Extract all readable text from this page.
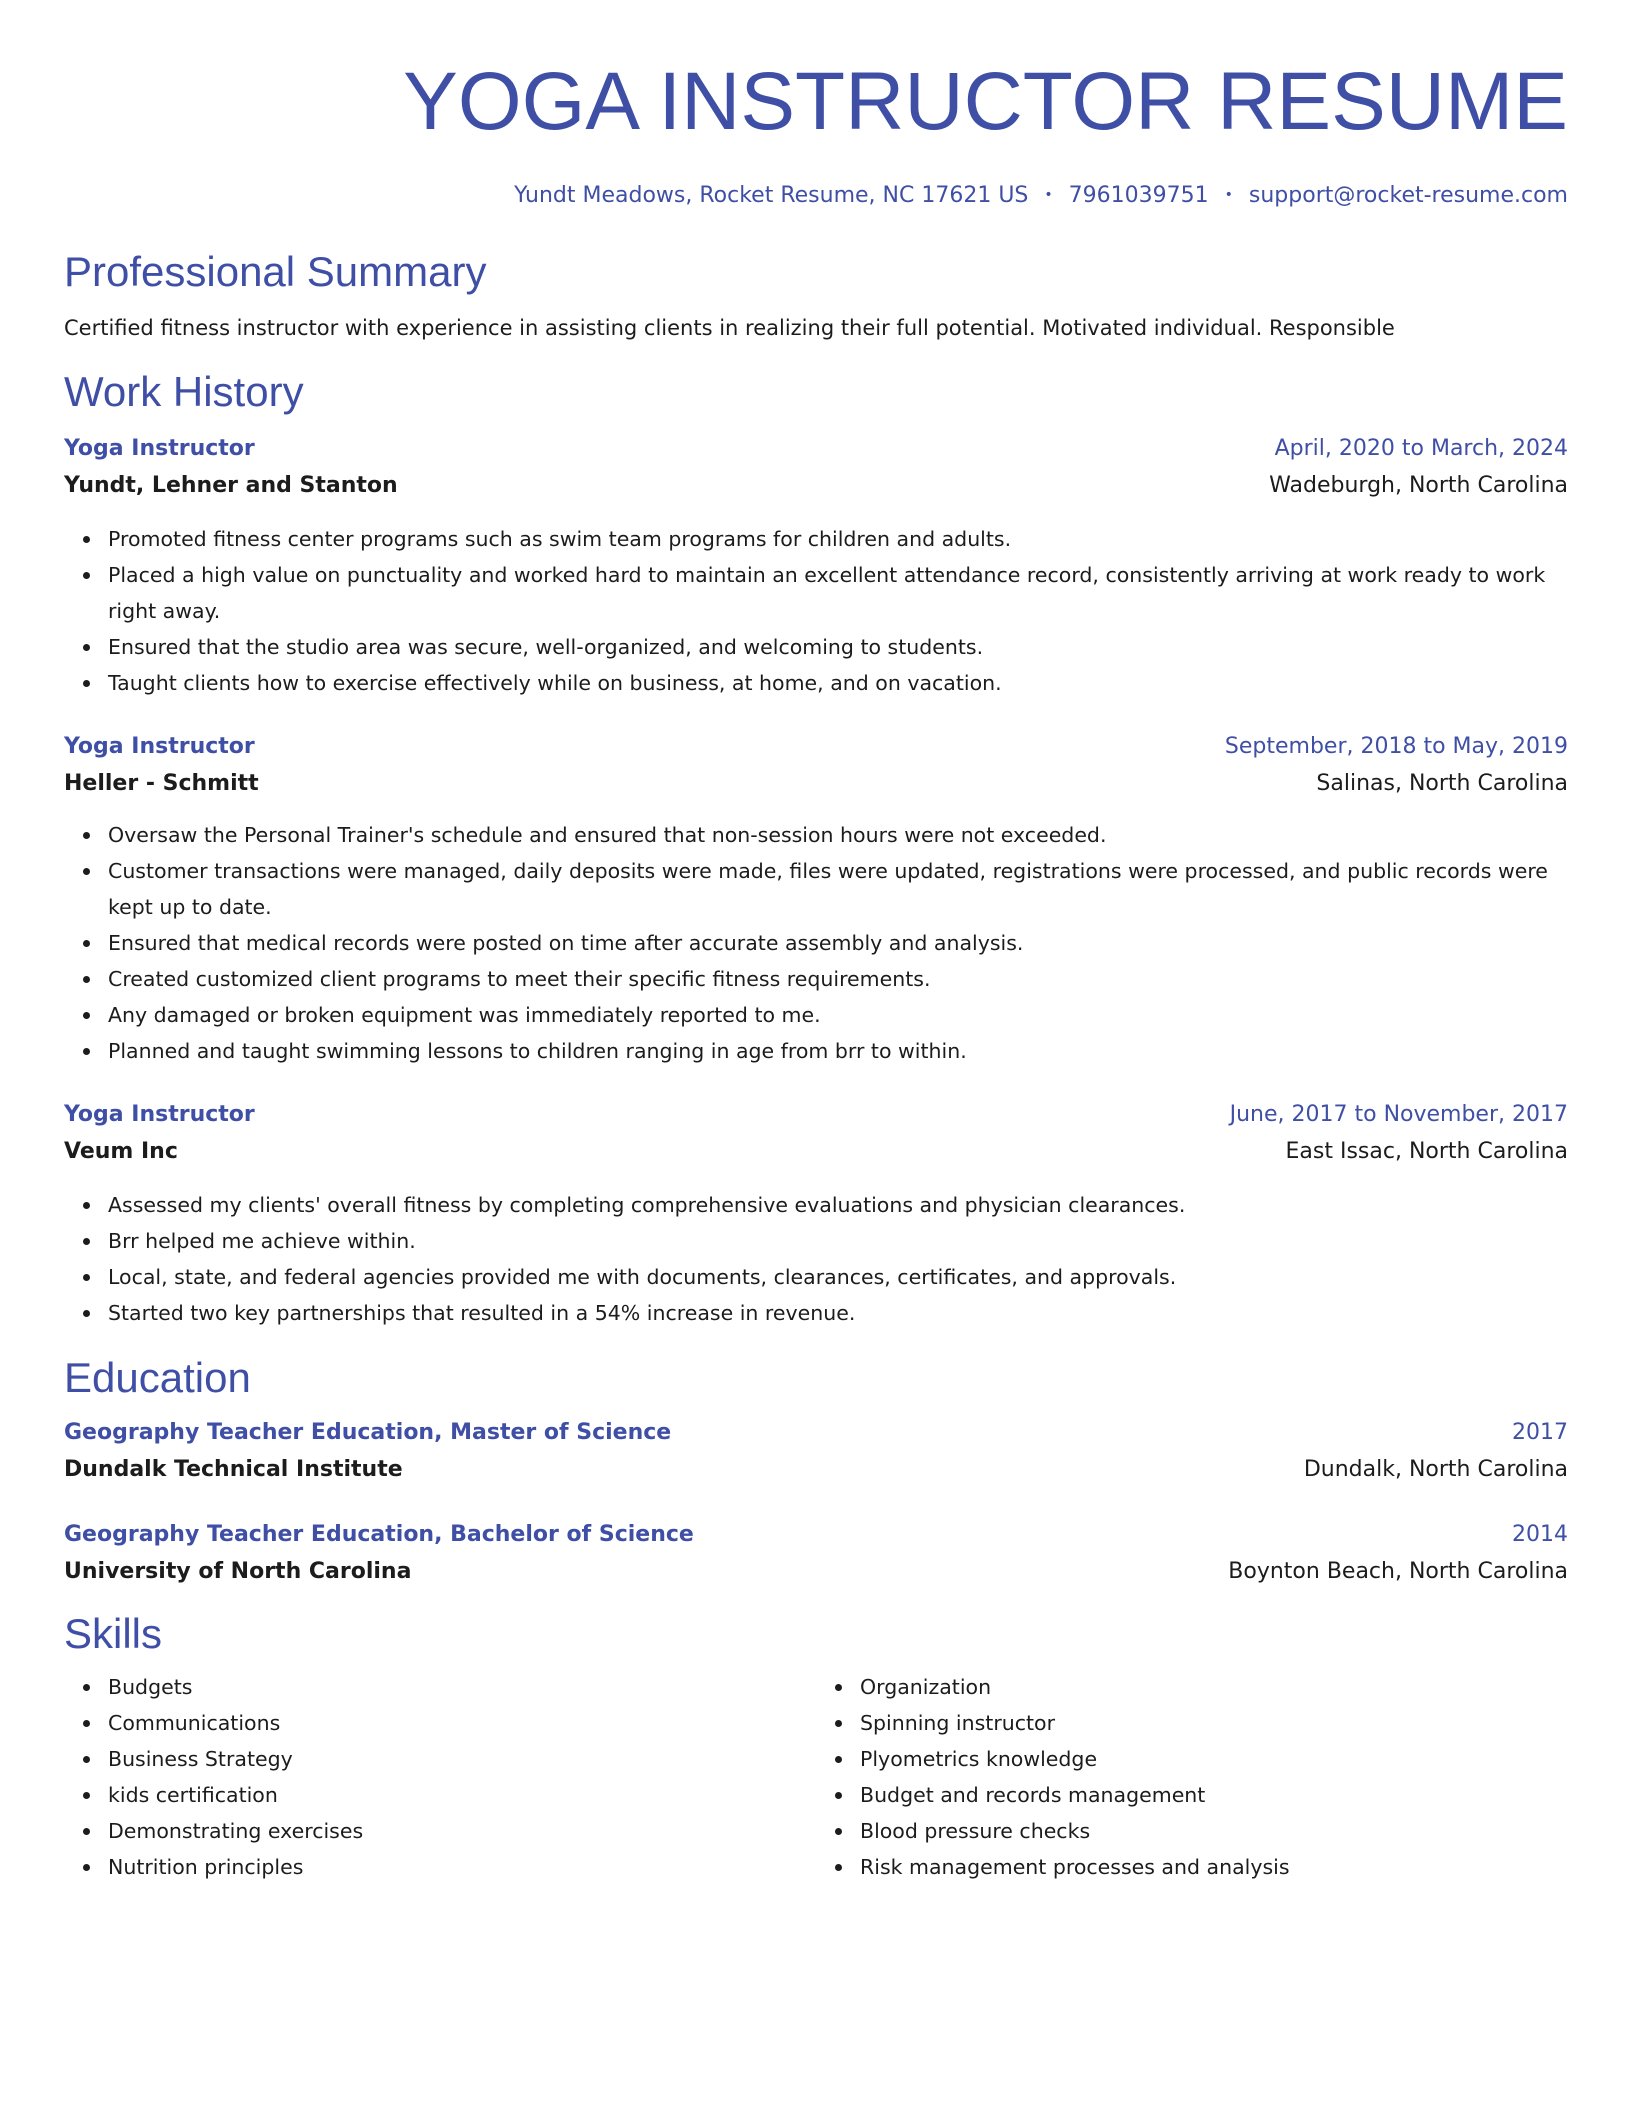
YOGA INSTRUCTOR RESUME
Yundt Meadows, Rocket Resume, NC 17621 US • 7961039751 • support@rocket-resume.com
Professional Summary

Certified fitness instructor with experience in assisting clients in realizing their full potential. Motivated individual. Responsible

Work History
Yoga Instructor	April, 2020 to March, 2024
Yundt, Lehner and Stanton	Wadeburgh, North Carolina
Promoted fitness center programs such as swim team programs for children and adults.
Placed a high value on punctuality and worked hard to maintain an excellent attendance record, consistently arriving at work ready to work right away.
Ensured that the studio area was secure, well-organized, and welcoming to students.
Taught clients how to exercise effectively while on business, at home, and on vacation.
Yoga Instructor	September, 2018 to May, 2019
Heller - Schmitt	Salinas, North Carolina
Oversaw the Personal Trainer's schedule and ensured that non-session hours were not exceeded.
Customer transactions were managed, daily deposits were made, files were updated, registrations were processed, and public records were kept up to date.
Ensured that medical records were posted on time after accurate assembly and analysis.
Created customized client programs to meet their specific fitness requirements.
Any damaged or broken equipment was immediately reported to me.
Planned and taught swimming lessons to children ranging in age from brr to within.
Yoga Instructor	June, 2017 to November, 2017
Veum Inc	East Issac, North Carolina
Assessed my clients' overall fitness by completing comprehensive evaluations and physician clearances.
Brr helped me achieve within.
Local, state, and federal agencies provided me with documents, clearances, certificates, and approvals.
Started two key partnerships that resulted in a 54% increase in revenue.
Education
Geography Teacher Education, Master of Science	2017
Dundalk Technical Institute	Dundalk, North Carolina
Geography Teacher Education, Bachelor of Science	2014
University of North Carolina	Boynton Beach, North Carolina
Skills
Budgets
Communications
Business Strategy
kids certification
Demonstrating exercises
Nutrition principles
Organization
Spinning instructor
Plyometrics knowledge
Budget and records management
Blood pressure checks
Risk management processes and analysis
